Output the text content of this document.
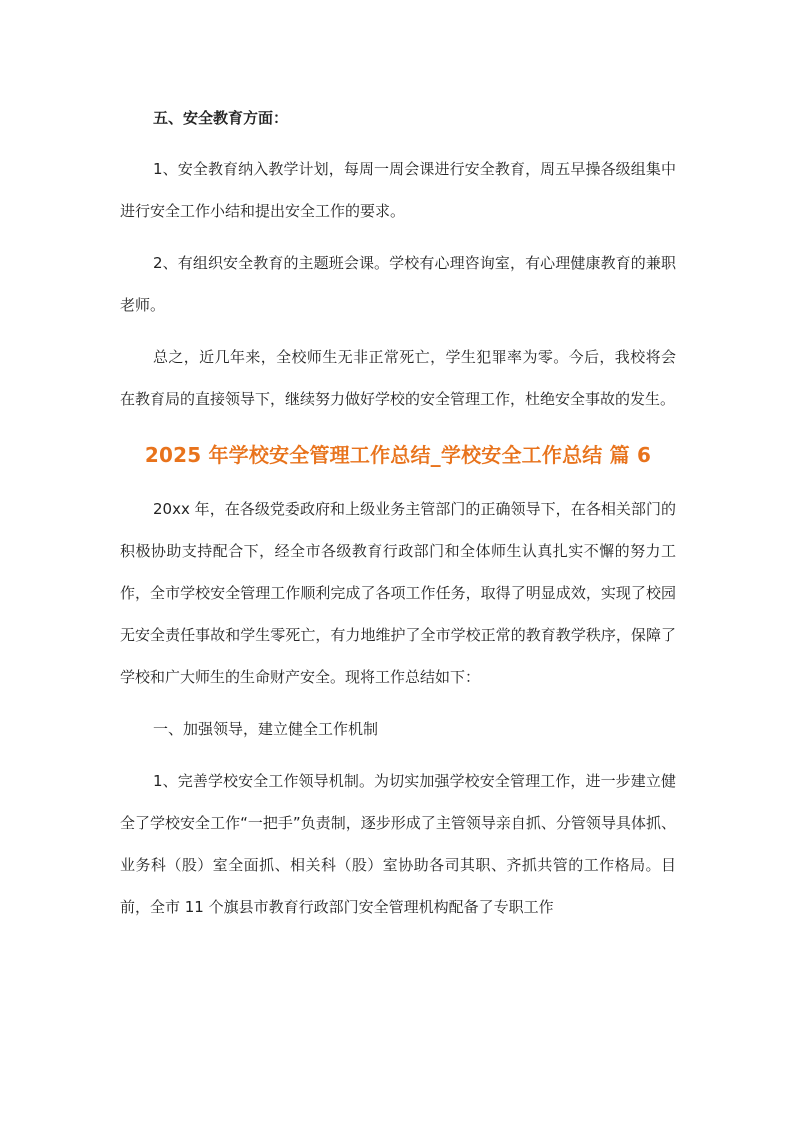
五、安全教育方面：

1、安全教育纳入教学计划，每周一周会课进行安全教育，周五早操各级组集中进行安全工作小结和提出安全工作的要求。

2、有组织安全教育的主题班会课。学校有心理咨询室，有心理健康教育的兼职老师。

总之，近几年来，全校师生无非正常死亡，学生犯罪率为零。今后，我校将会在教育局的直接领导下，继续努力做好学校的安全管理工作，杜绝安全事故的发生。

2025 年学校安全管理工作总结_学校安全工作总结 篇 6

20xx 年，在各级党委政府和上级业务主管部门的正确领导下，在各相关部门的积极协助支持配合下，经全市各级教育行政部门和全体师生认真扎实不懈的努力工作，全市学校安全管理工作顺利完成了各项工作任务，取得了明显成效，实现了校园无安全责任事故和学生零死亡，有力地维护了全市学校正常的教育教学秩序，保障了学校和广大师生的生命财产安全。现将工作总结如下：

一、加强领导，建立健全工作机制

1、完善学校安全工作领导机制。为切实加强学校安全管理工作，进一步建立健全了学校安全工作“一把手”负责制，逐步形成了主管领导亲自抓、分管领导具体抓、业务科（股）室全面抓、相关科（股）室协助各司其职、齐抓共管的工作格局。目前，全市 11 个旗县市教育行政部门安全管理机构配备了专职工作
